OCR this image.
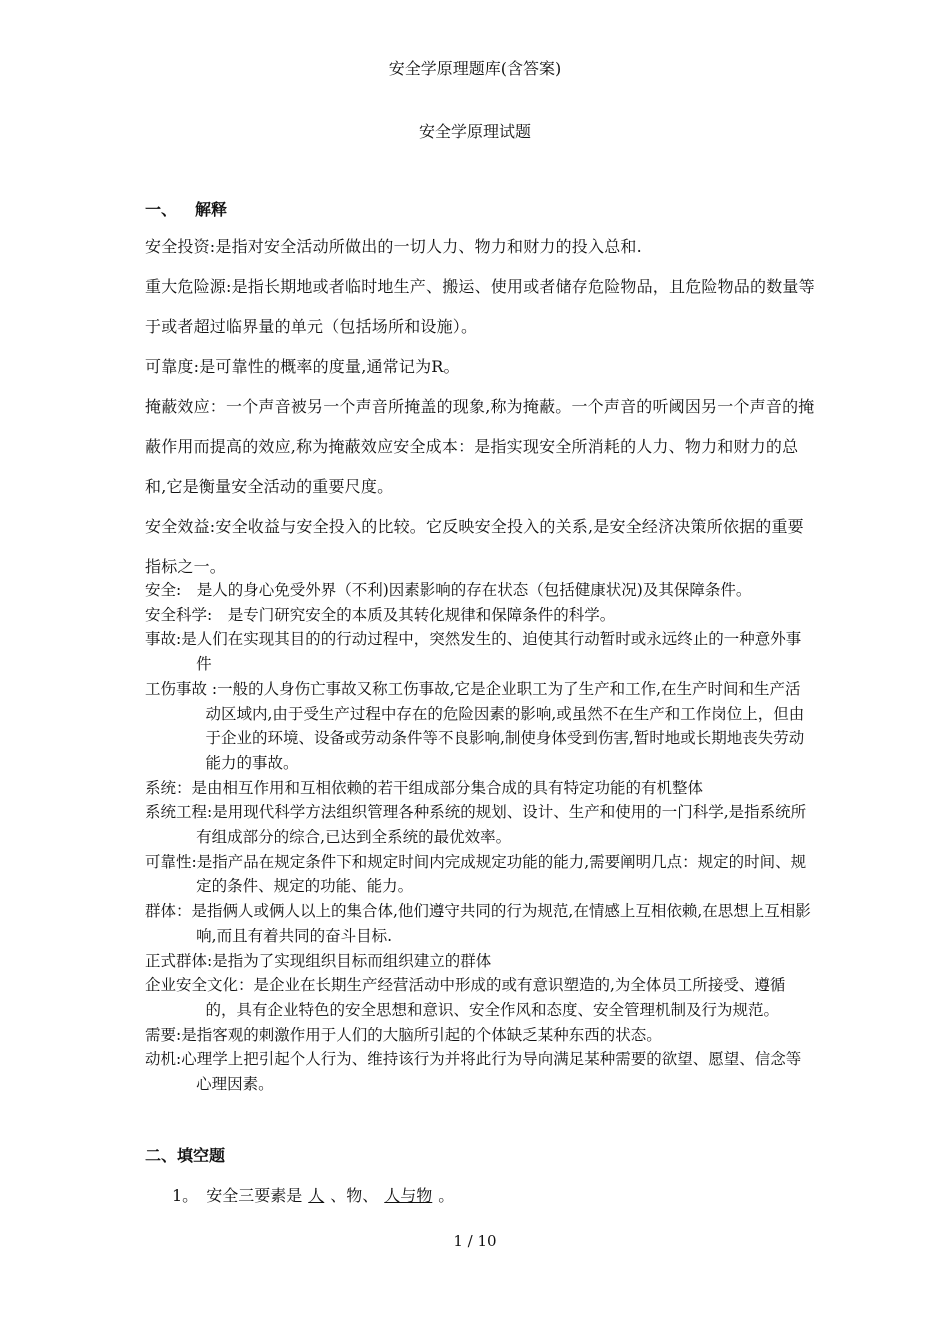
安全学原理题库(含答案)
安全学原理试题
一、 解释

安全投资:是指对安全活动所做出的一切人力、物力和财力的投入总和.

重大危险源:是指长期地或者临时地生产、搬运、使用或者储存危险物品，且危险物品的数量等于或者超过临界量的单元（包括场所和设施）。

可靠度:是可靠性的概率的度量,通常记为R。

掩蔽效应：一个声音被另一个声音所掩盖的现象,称为掩蔽。一个声音的听阈因另一个声音的掩蔽作用而提高的效应,称为掩蔽效应安全成本：是指实现安全所消耗的人力、物力和财力的总和,它是衡量安全活动的重要尺度。

安全效益:安全收益与安全投入的比较。它反映安全投入的关系,是安全经济决策所依据的重要指标之一。

安全:　是人的身心免受外界（不利)因素影响的存在状态（包括健康状况)及其保障条件。

安全科学:　是专门研究安全的本质及其转化规律和保障条件的科学。

事故:是人们在实现其目的的行动过程中，突然发生的、迫使其行动暂时或永远终止的一种意外事件

工伤事故 :一般的人身伤亡事故又称工伤事故,它是企业职工为了生产和工作,在生产时间和生产活动区域内,由于受生产过程中存在的危险因素的影响,或虽然不在生产和工作岗位上，但由于企业的环境、设备或劳动条件等不良影响,制使身体受到伤害,暂时地或长期地丧失劳动能力的事故。

系统：是由相互作用和互相依赖的若干组成部分集合成的具有特定功能的有机整体

系统工程:是用现代科学方法组织管理各种系统的规划、设计、生产和使用的一门科学,是指系统所有组成部分的综合,已达到全系统的最优效率。

可靠性:是指产品在规定条件下和规定时间内完成规定功能的能力,需要阐明几点：规定的时间、规定的条件、规定的功能、能力。

群体：是指俩人或俩人以上的集合体,他们遵守共同的行为规范,在情感上互相依赖,在思想上互相影响,而且有着共同的奋斗目标.

正式群体:是指为了实现组织目标而组织建立的群体

企业安全文化：是企业在长期生产经营活动中形成的或有意识塑造的,为全体员工所接受、遵循的，具有企业特色的安全思想和意识、安全作风和态度、安全管理机制及行为规范。

需要:是指客观的刺激作用于人们的大脑所引起的个体缺乏某种东西的状态。

动机:心理学上把引起个人行为、维持该行为并将此行为导向满足某种需要的欲望、愿望、信念等心理因素。

二、填空题
1。　 安全三要素是 人 、物、 人与物 。
1 / 10
